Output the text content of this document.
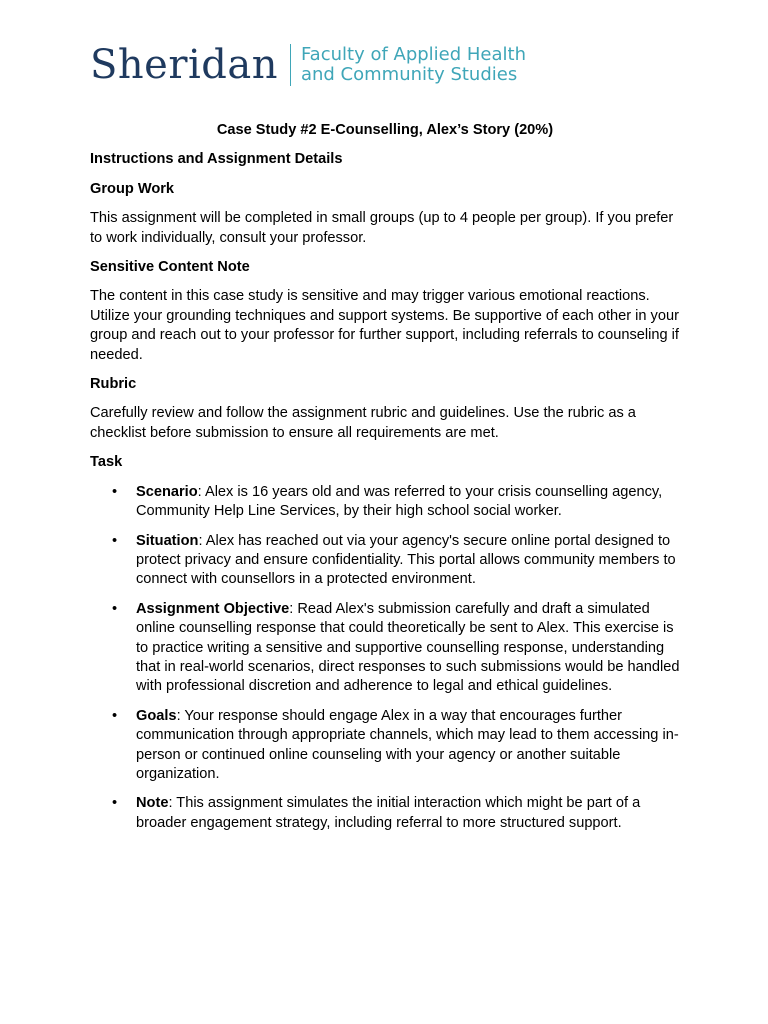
Sheridan Faculty of Applied Health
and Community Studies

Case Study #2 E-Counselling, Alex’s Story (20%)

Instructions and Assignment Details

Group Work

This assignment will be completed in small groups (up to 4 people per group). If you prefer to work individually, consult your professor.

Sensitive Content Note

The content in this case study is sensitive and may trigger various emotional reactions. Utilize your grounding techniques and support systems. Be supportive of each other in your group and reach out to your professor for further support, including referrals to counseling if needed.

Rubric

Carefully review and follow the assignment rubric and guidelines. Use the rubric as a checklist before submission to ensure all requirements are met.

Task

• Scenario: Alex is 16 years old and was referred to your crisis counselling agency, Community Help Line Services, by their high school social worker.
• Situation: Alex has reached out via your agency's secure online portal designed to protect privacy and ensure confidentiality. This portal allows community members to connect with counsellors in a protected environment.
• Assignment Objective: Read Alex's submission carefully and draft a simulated online counselling response that could theoretically be sent to Alex. This exercise is to practice writing a sensitive and supportive counselling response, understanding that in real-world scenarios, direct responses to such submissions would be handled with professional discretion and adherence to legal and ethical guidelines.
• Goals: Your response should engage Alex in a way that encourages further communication through appropriate channels, which may lead to them accessing in-person or continued online counseling with your agency or another suitable organization.
• Note: This assignment simulates the initial interaction which might be part of a broader engagement strategy, including referral to more structured support.
